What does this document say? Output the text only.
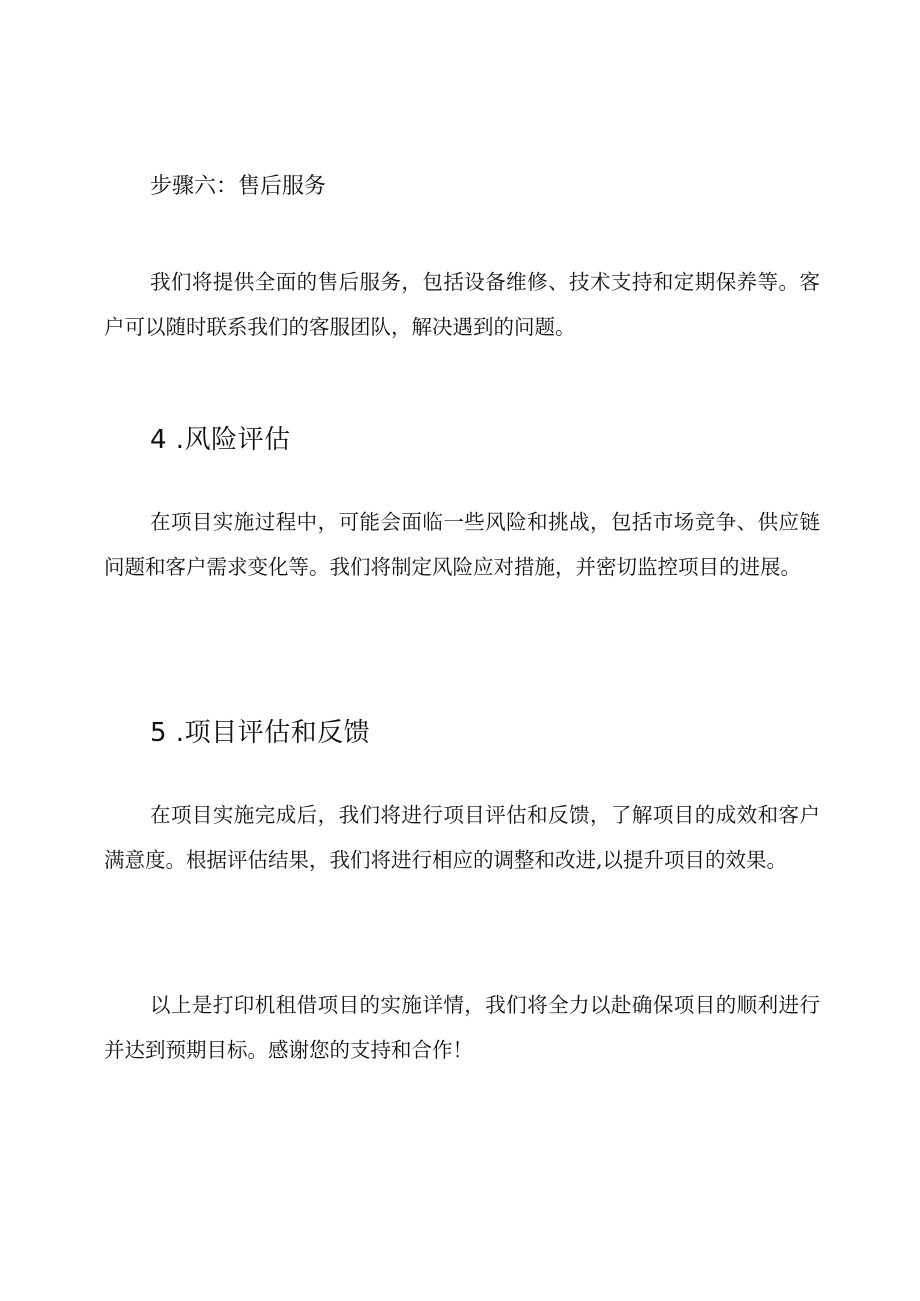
步骤六：售后服务

我们将提供全面的售后服务，包括设备维修、技术支持和定期保养等。客户可以随时联系我们的客服团队，解决遇到的问题。

4 .风险评估

在项目实施过程中，可能会面临一些风险和挑战，包括市场竞争、供应链问题和客户需求变化等。我们将制定风险应对措施，并密切监控项目的进展。

5 .项目评估和反馈

在项目实施完成后，我们将进行项目评估和反馈，了解项目的成效和客户满意度。根据评估结果，我们将进行相应的调整和改进,以提升项目的效果。

以上是打印机租借项目的实施详情，我们将全力以赴确保项目的顺利进行并达到预期目标。感谢您的支持和合作！
